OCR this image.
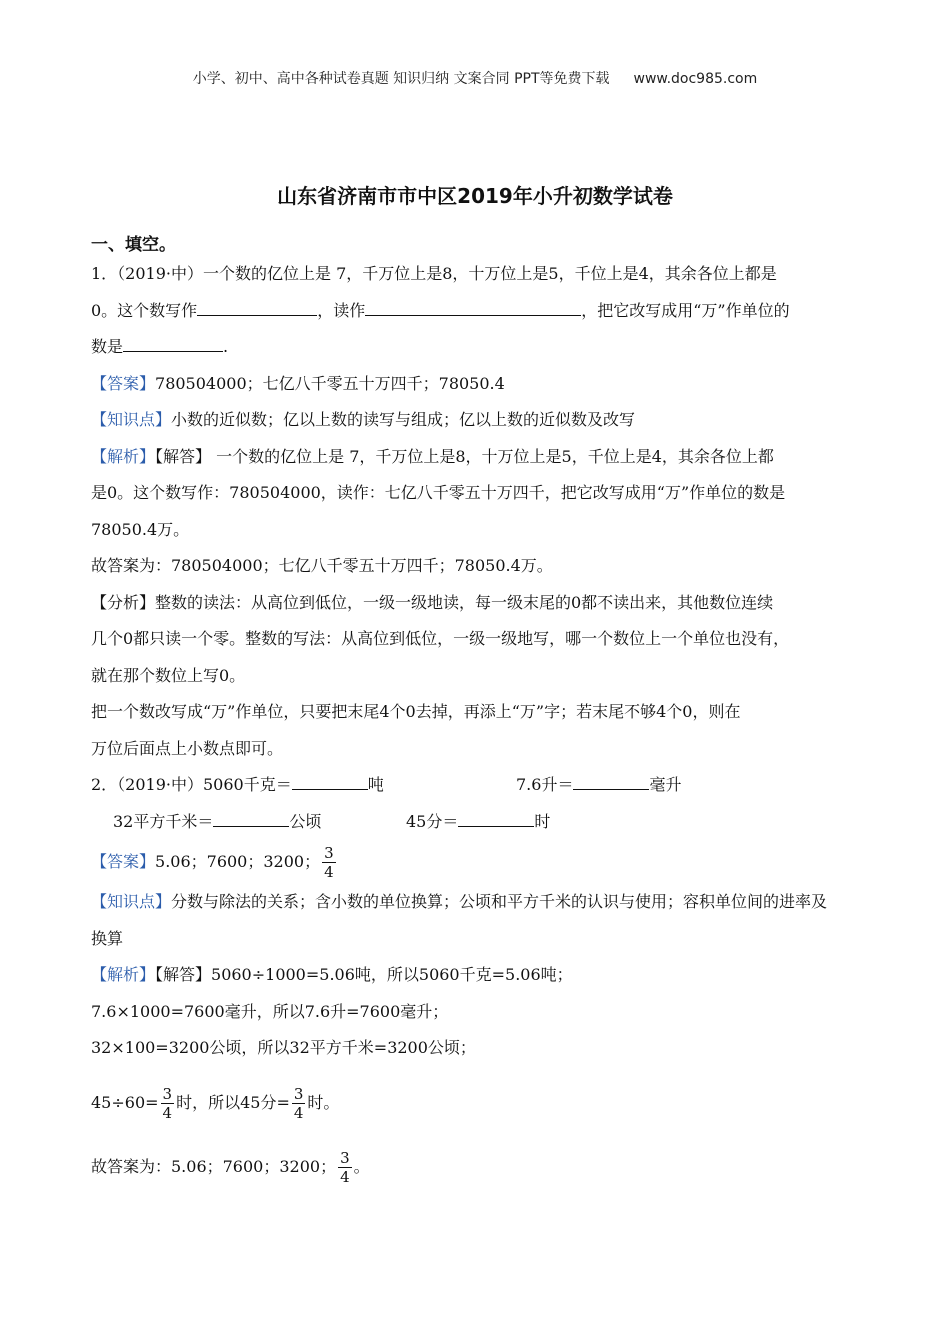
小学、初中、高中各种试卷真题 知识归纳 文案合同 PPT等免费下载 www.doc985.com
山东省济南市市中区2019年小升初数学试卷
一、填空。

1．（2019·中）一个数的亿位上是 7，千万位上是8，十万位上是5，千位上是4，其余各位上都是

0。这个数写作	，读作	，把它改写成用“万”作单位的

数是	.

【答案】780504000；七亿八千零五十万四千；78050.4

【知识点】小数的近似数；亿以上数的读写与组成；亿以上数的近似数及改写

【解析】【解答】 一个数的亿位上是 7，千万位上是8，十万位上是5，千位上是4，其余各位上都

是0。这个数写作：780504000，读作：七亿八千零五十万四千，把它改写成用“万”作单位的数是

78050.4万。

故答案为：780504000；七亿八千零五十万四千；78050.4万。

【分析】整数的读法：从高位到低位，一级一级地读，每一级末尾的0都不读出来，其他数位连续

几个0都只读一个零。整数的写法：从高位到低位，一级一级地写，哪一个数位上一个单位也没有，

就在那个数位上写0。

把一个数改写成“万”作单位，只要把末尾4个0去掉，再添上“万”字；若末尾不够4个0，则在

万位后面点上小数点即可。

2．（2019·中）5060千克＝	吨	7.6升＝	毫升
32平方千米＝	公顷	45分＝	时

【答案】5.06；7600；3200； $\frac{3}{4}$

【知识点】分数与除法的关系；含小数的单位换算；公顷和平方千米的认识与使用；容积单位间的进率及

换算

【解析】【解答】5060÷1000=5.06吨，所以5060千克=5.06吨；

7.6×1000=7600毫升，所以7.6升=7600毫升；

32×100=3200公顷，所以32平方千米=3200公顷；

$45\div 60= \frac{3}{4}$ 时，所以45分= $\frac{3}{4}$ 时。

故答案为：5.06；7600；3200； $\frac{3}{4}$ 。
